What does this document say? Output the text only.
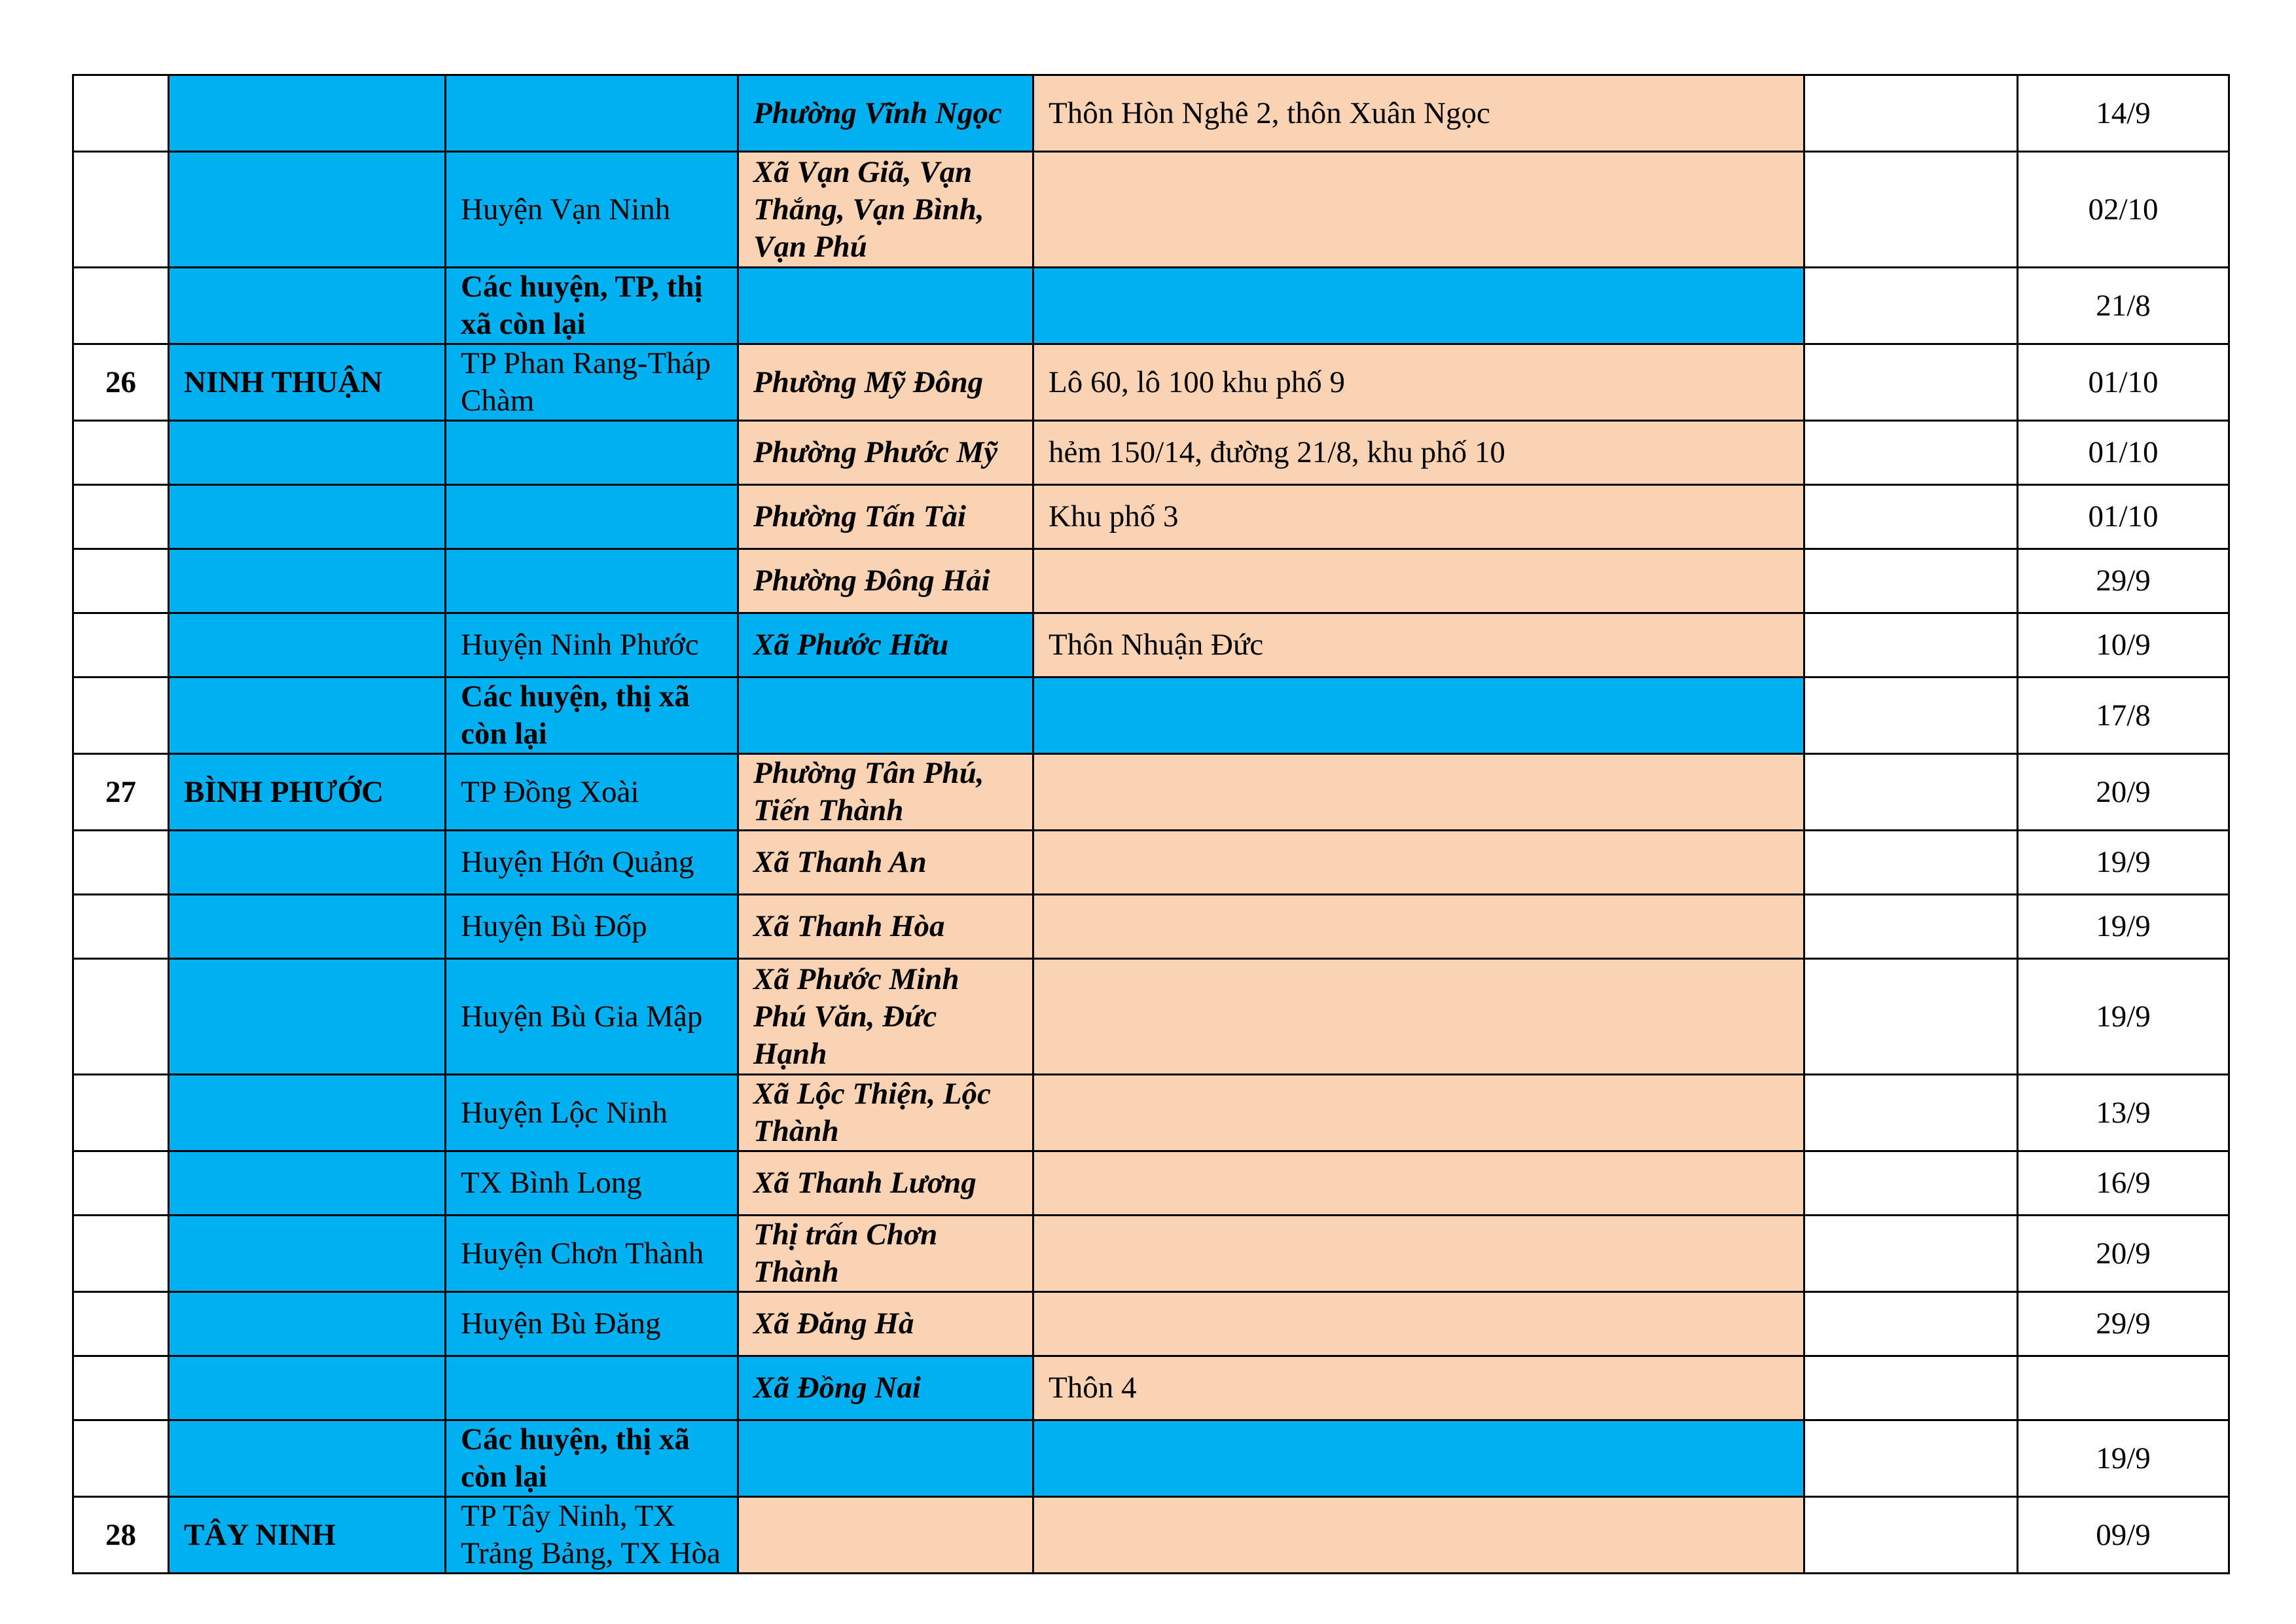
			Phường Vĩnh Ngọc	Thôn Hòn Nghê 2, thôn Xuân Ngọc		14/9

		Huyện Vạn Ninh	Xã Vạn Giã, Vạn Thắng, Vạn Bình, Vạn Phú			02/10

		Các huyện, TP, thị xã còn lại				21/8

26	NINH THUẬN	TP Phan Rang-Tháp Chàm	Phường Mỹ Đông	Lô 60, lô 100 khu phố 9		01/10

			Phường Phước Mỹ	hẻm 150/14, đường 21/8, khu phố 10		01/10

			Phường Tấn Tài	Khu phố 3		01/10

			Phường Đông Hải			29/9

		Huyện Ninh Phước	Xã Phước Hữu	Thôn Nhuận Đức		10/9

		Các huyện, thị xã còn lại				17/8

27	BÌNH PHƯỚC	TP Đồng Xoài	Phường Tân Phú, Tiến Thành			20/9

		Huyện Hớn Quảng	Xã Thanh An			19/9

		Huyện Bù Đốp	Xã Thanh Hòa			19/9

		Huyện Bù Gia Mập	Xã Phước Minh Phú Văn, Đức Hạnh			19/9

		Huyện Lộc Ninh	Xã Lộc Thiện, Lộc Thành			13/9

		TX Bình Long	Xã Thanh Lương			16/9

		Huyện Chơn Thành	Thị trấn Chơn Thành			20/9

		Huyện Bù Đăng	Xã Đăng Hà			29/9

			Xã Đồng Nai	Thôn 4		

		Các huyện, thị xã còn lại				19/9

28	TÂY NINH	TP Tây Ninh, TX Trảng Bảng, TX Hòa				09/9
